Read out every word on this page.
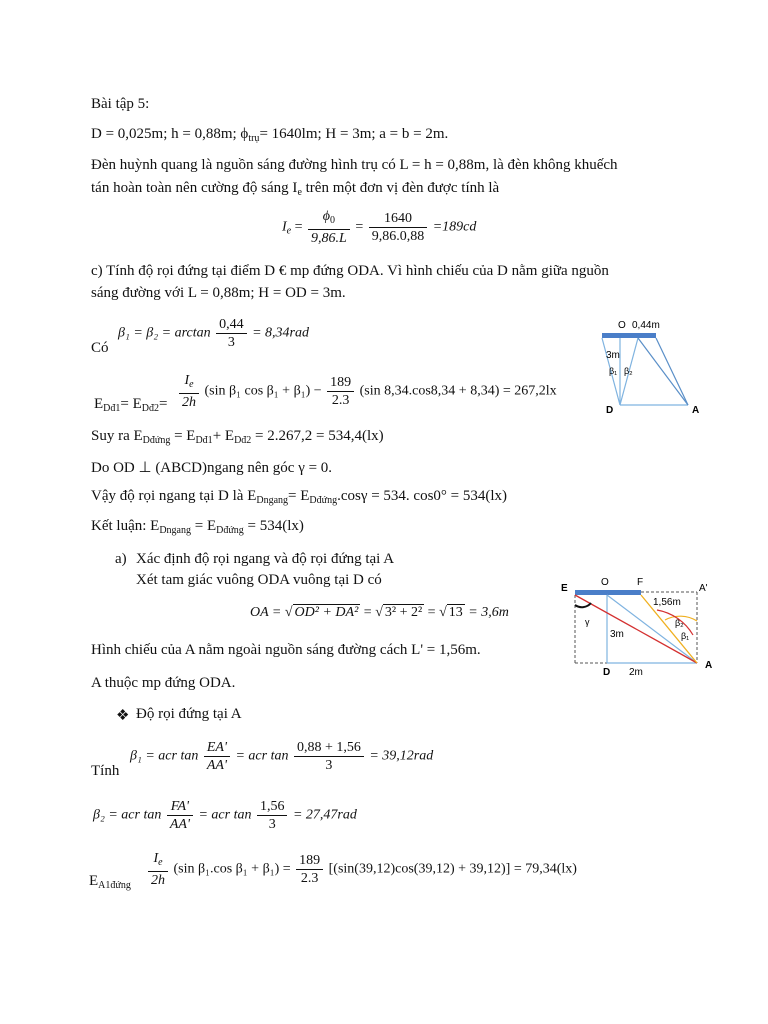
Bài tập 5:
D = 0,025m; h = 0,88m; $\phi_{trụ}= 1640lm$; H = 3m; a = b = 2m.
Đèn huỳnh quang là nguồn sáng đường hình trụ có L = h = 0,88m, là đèn không khuếch
tán hoàn toàn nên cường độ sáng $I_e$ trên một đơn vị đèn được tính là
$I_e = \frac{\phi_0}{9,86.L} = \frac{1640}{9,86.0,88} =189cd$
c) Tính độ rọi đứng tại điểm D € mp đứng ODA. Vì hình chiếu của D nằm giữa nguồn
sáng đường với L = 0,88m; H = OD = 3m.
Có
$\beta_1 = \beta_2 = \arctan \frac{0,44}{3} = 8,34rad$
$E_{Dđ1}= E_{Dđ2}= \frac{I_e}{2h} (\sin$ β₁ $\cos \beta_1 + \beta_1) - \frac{189}{2.3} (\sin$ 8,34.cos8,34 + 8,34) = 267,2lx
Suy ra $E_{Dđứng} = E_{Dđ1}+ E_{Dđ2} = 2.267,2 = 534,4(lx)$
Do OD ⊥ (ABCD)ngang nên góc γ = 0.
Vậy độ rọi ngang tại D là $E_{Dngang}= E_{Dđứng}.\cos\gamma = 534$. cos0° = 534(lx)
Kết luận: $E_{Dngang} = E_{Dđứng} = 534(lx)$
a) Xác định độ rọi ngang và độ rọi đứng tại A
Xét tam giác vuông ODA vuông tại D có
OA = √ OD² + DA² = √ 3² + 2² = √ 13 = 3,6m
Hình chiếu của A nằm ngoài nguồn sáng đường cách L' = 1,56m.
A thuộc mp đứng ODA.
❖ Độ rọi đứng tại A
Tính
β₁ = acr $\tan \frac{EA'}{AA'}$ = acr $\tan \frac{0,88 + 1,56}{3} = 39,12rad$
β₂ = acr $\tan \frac{FA'}{AA'}$ = acr $\tan \frac{1,56}{3} = 27,47rad$
$E_{A1đứng} \frac{I_e}{2h} (\sin$ β₁.cos $\beta_1 + \beta_1) = \frac{189}{2.3} [(\sin(39,12)\cos(39,12) + 39,12)] = 79,34(lx)$
O 0,44m
3m
β₁ β₂
D	A
E
O	F
A'
1,56m
β₂
β₁
γ
3m
D 2m
A
